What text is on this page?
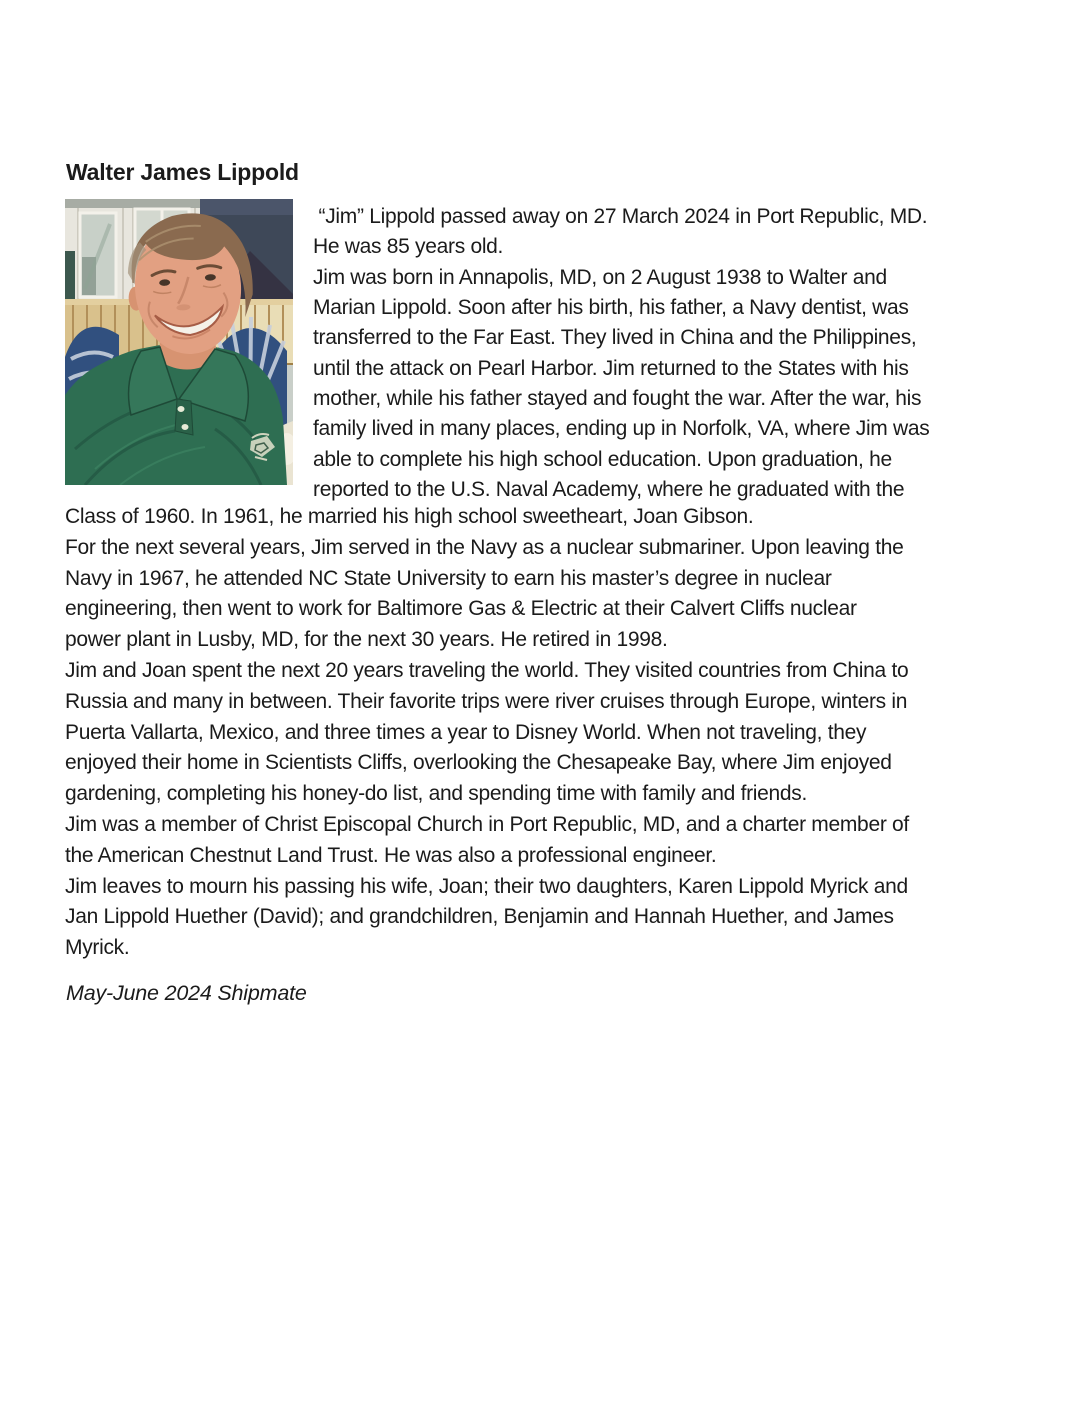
Walter James Lippold
“Jim” Lippold passed away on 27 March 2024 in Port Republic, MD.
He was 85 years old.
Jim was born in Annapolis, MD, on 2 August 1938 to Walter and
Marian Lippold. Soon after his birth, his father, a Navy dentist, was
transferred to the Far East. They lived in China and the Philippines,
until the attack on Pearl Harbor. Jim returned to the States with his
mother, while his father stayed and fought the war. After the war, his
family lived in many places, ending up in Norfolk, VA, where Jim was
able to complete his high school education. Upon graduation, he
reported to the U.S. Naval Academy, where he graduated with the
Class of 1960. In 1961, he married his high school sweetheart, Joan Gibson.
For the next several years, Jim served in the Navy as a nuclear submariner. Upon leaving the
Navy in 1967, he attended NC State University to earn his master’s degree in nuclear
engineering, then went to work for Baltimore Gas & Electric at their Calvert Cliffs nuclear
power plant in Lusby, MD, for the next 30 years. He retired in 1998.
Jim and Joan spent the next 20 years traveling the world. They visited countries from China to
Russia and many in between. Their favorite trips were river cruises through Europe, winters in
Puerta Vallarta, Mexico, and three times a year to Disney World. When not traveling, they
enjoyed their home in Scientists Cliffs, overlooking the Chesapeake Bay, where Jim enjoyed
gardening, completing his honey-do list, and spending time with family and friends.
Jim was a member of Christ Episcopal Church in Port Republic, MD, and a charter member of
the American Chestnut Land Trust. He was also a professional engineer.
Jim leaves to mourn his passing his wife, Joan; their two daughters, Karen Lippold Myrick and
Jan Lippold Huether (David); and grandchildren, Benjamin and Hannah Huether, and James
Myrick.
May-June 2024 Shipmate
